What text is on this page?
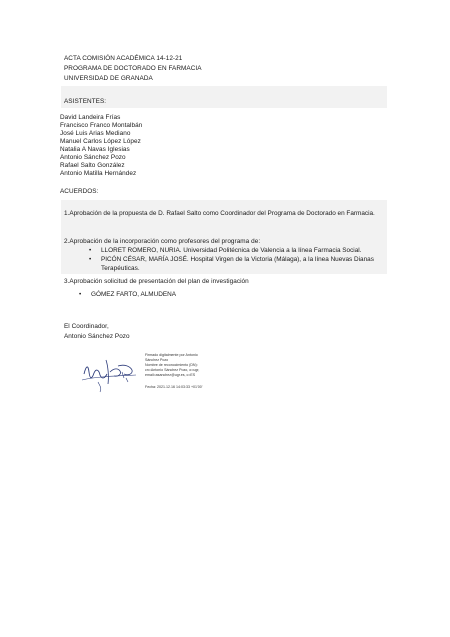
ACTA COMISIÓN ACADÉMICA 14-12-21
PROGRAMA DE DOCTORADO EN FARMACIA
UNIVERSIDAD DE GRANADA
ASISTENTES:
David Landeira Frías
Francisco Franco Montalbán
José Luis Arias Mediano
Manuel Carlos López López
Natalia A Navas Iglesias
Antonio Sánchez Pozo
Rafael Salto González
Antonio Matilla Hernández
ACUERDOS:
1.Aprobación de la propuesta de D. Rafael Salto como Coordinador del Programa de Doctorado en Farmacia.
2.Aprobación de la incorporación como profesores del programa de:
• LLORET ROMERO, NURIA. Universidad Politécnica de Valencia a la línea Farmacia Social.
• PICÓN CÉSAR, MARÍA JOSÉ. Hospital Virgen de la Victoria (Málaga), a la línea Nuevas Dianas
Terapéuticas.
3.Aprobación solicitud de presentación del plan de investigación
• GÓMEZ FARTO, ALMUDENA
El Coordinador,
Antonio Sánchez Pozo
Firmado digitalmente por Antonio
Sánchez Pozo
Nombre de reconocimiento (DN):
cn=Antonio Sánchez Pozo, o=ugr,
email=asanchez@ugr.es, c=ES
Fecha: 2021.12.16 14:03:33 +01'00'
